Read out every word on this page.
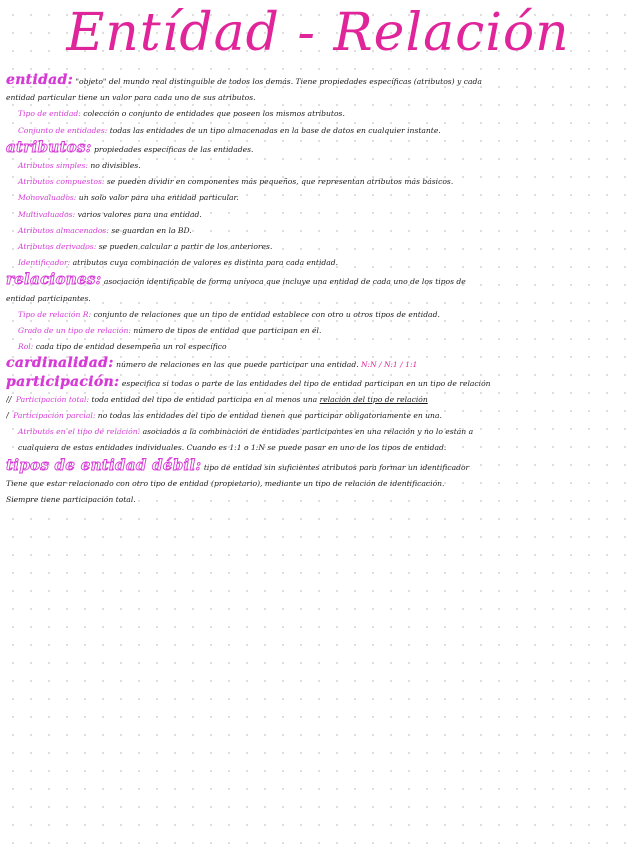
Entídad - Relación
entidad: "objeto" del mundo real distinguible de todos los demás. Tiene propiedades específicas (atributos) y cada
entidad particular tiene un valor para cada uno de sus atributos.
Tipo de entidad: colección o conjunto de entidades que poseen los mismos atributos.
Conjunto de entidades: todas las entidades de un tipo almacenadas en la base de datos en cualquier instante.
atributos: propiedades específicas de las entidades.
Atributos simples: no divisibles.
Atributos compuestos: se pueden dividir en componentes más pequeños, que representan atributos más básicos.
Monovaluados: un solo valor para una entidad particular.
Multivaluados: varios valores para una entidad.
Atributos almacenados: se guardan en la BD.
Atributos derivados: se pueden calcular a partir de los anteriores.
Identificador: atributos cuya combinación de valores es distinta para cada entidad.
relaciones: asociación identificable de forma unívoca que incluye una entidad de cada uno de los tipos de
entidad participantes.
Tipo de relación R: conjunto de relaciones que un tipo de entidad establece con otro u otros tipos de entidad.
Grado de un tipo de relación: número de tipos de entidad que participan en él.
Rol: cada tipo de entidad desempeña un rol específico
cardinalidad: número de relaciones en las que puede participar una entidad. N:N / N:1 / 1:1
participación: especifica si todas o parte de las entidades del tipo de entidad participan en un tipo de relación
// Participación total: toda entidad del tipo de entidad participa en al menos una relación del tipo de relación
/ Participación parcial: no todas las entidades del tipo de entidad tienen que participar obligatoriamente en una.
Atributos en el tipo de relación: asociados a la combinación de entidades participantes en una relación y no lo están a
cualquiera de estas entidades individuales. Cuando es 1:1 o 1:N se puede pasar en uno de los tipos de entidad.
tipos de entidad débil: tipo de entidad sin suficientes atributos para formar un identificador
Tiene que estar relacionado con otro tipo de entidad (propietario), mediante un tipo de relación de identificación.
Siempre tiene participación total.
